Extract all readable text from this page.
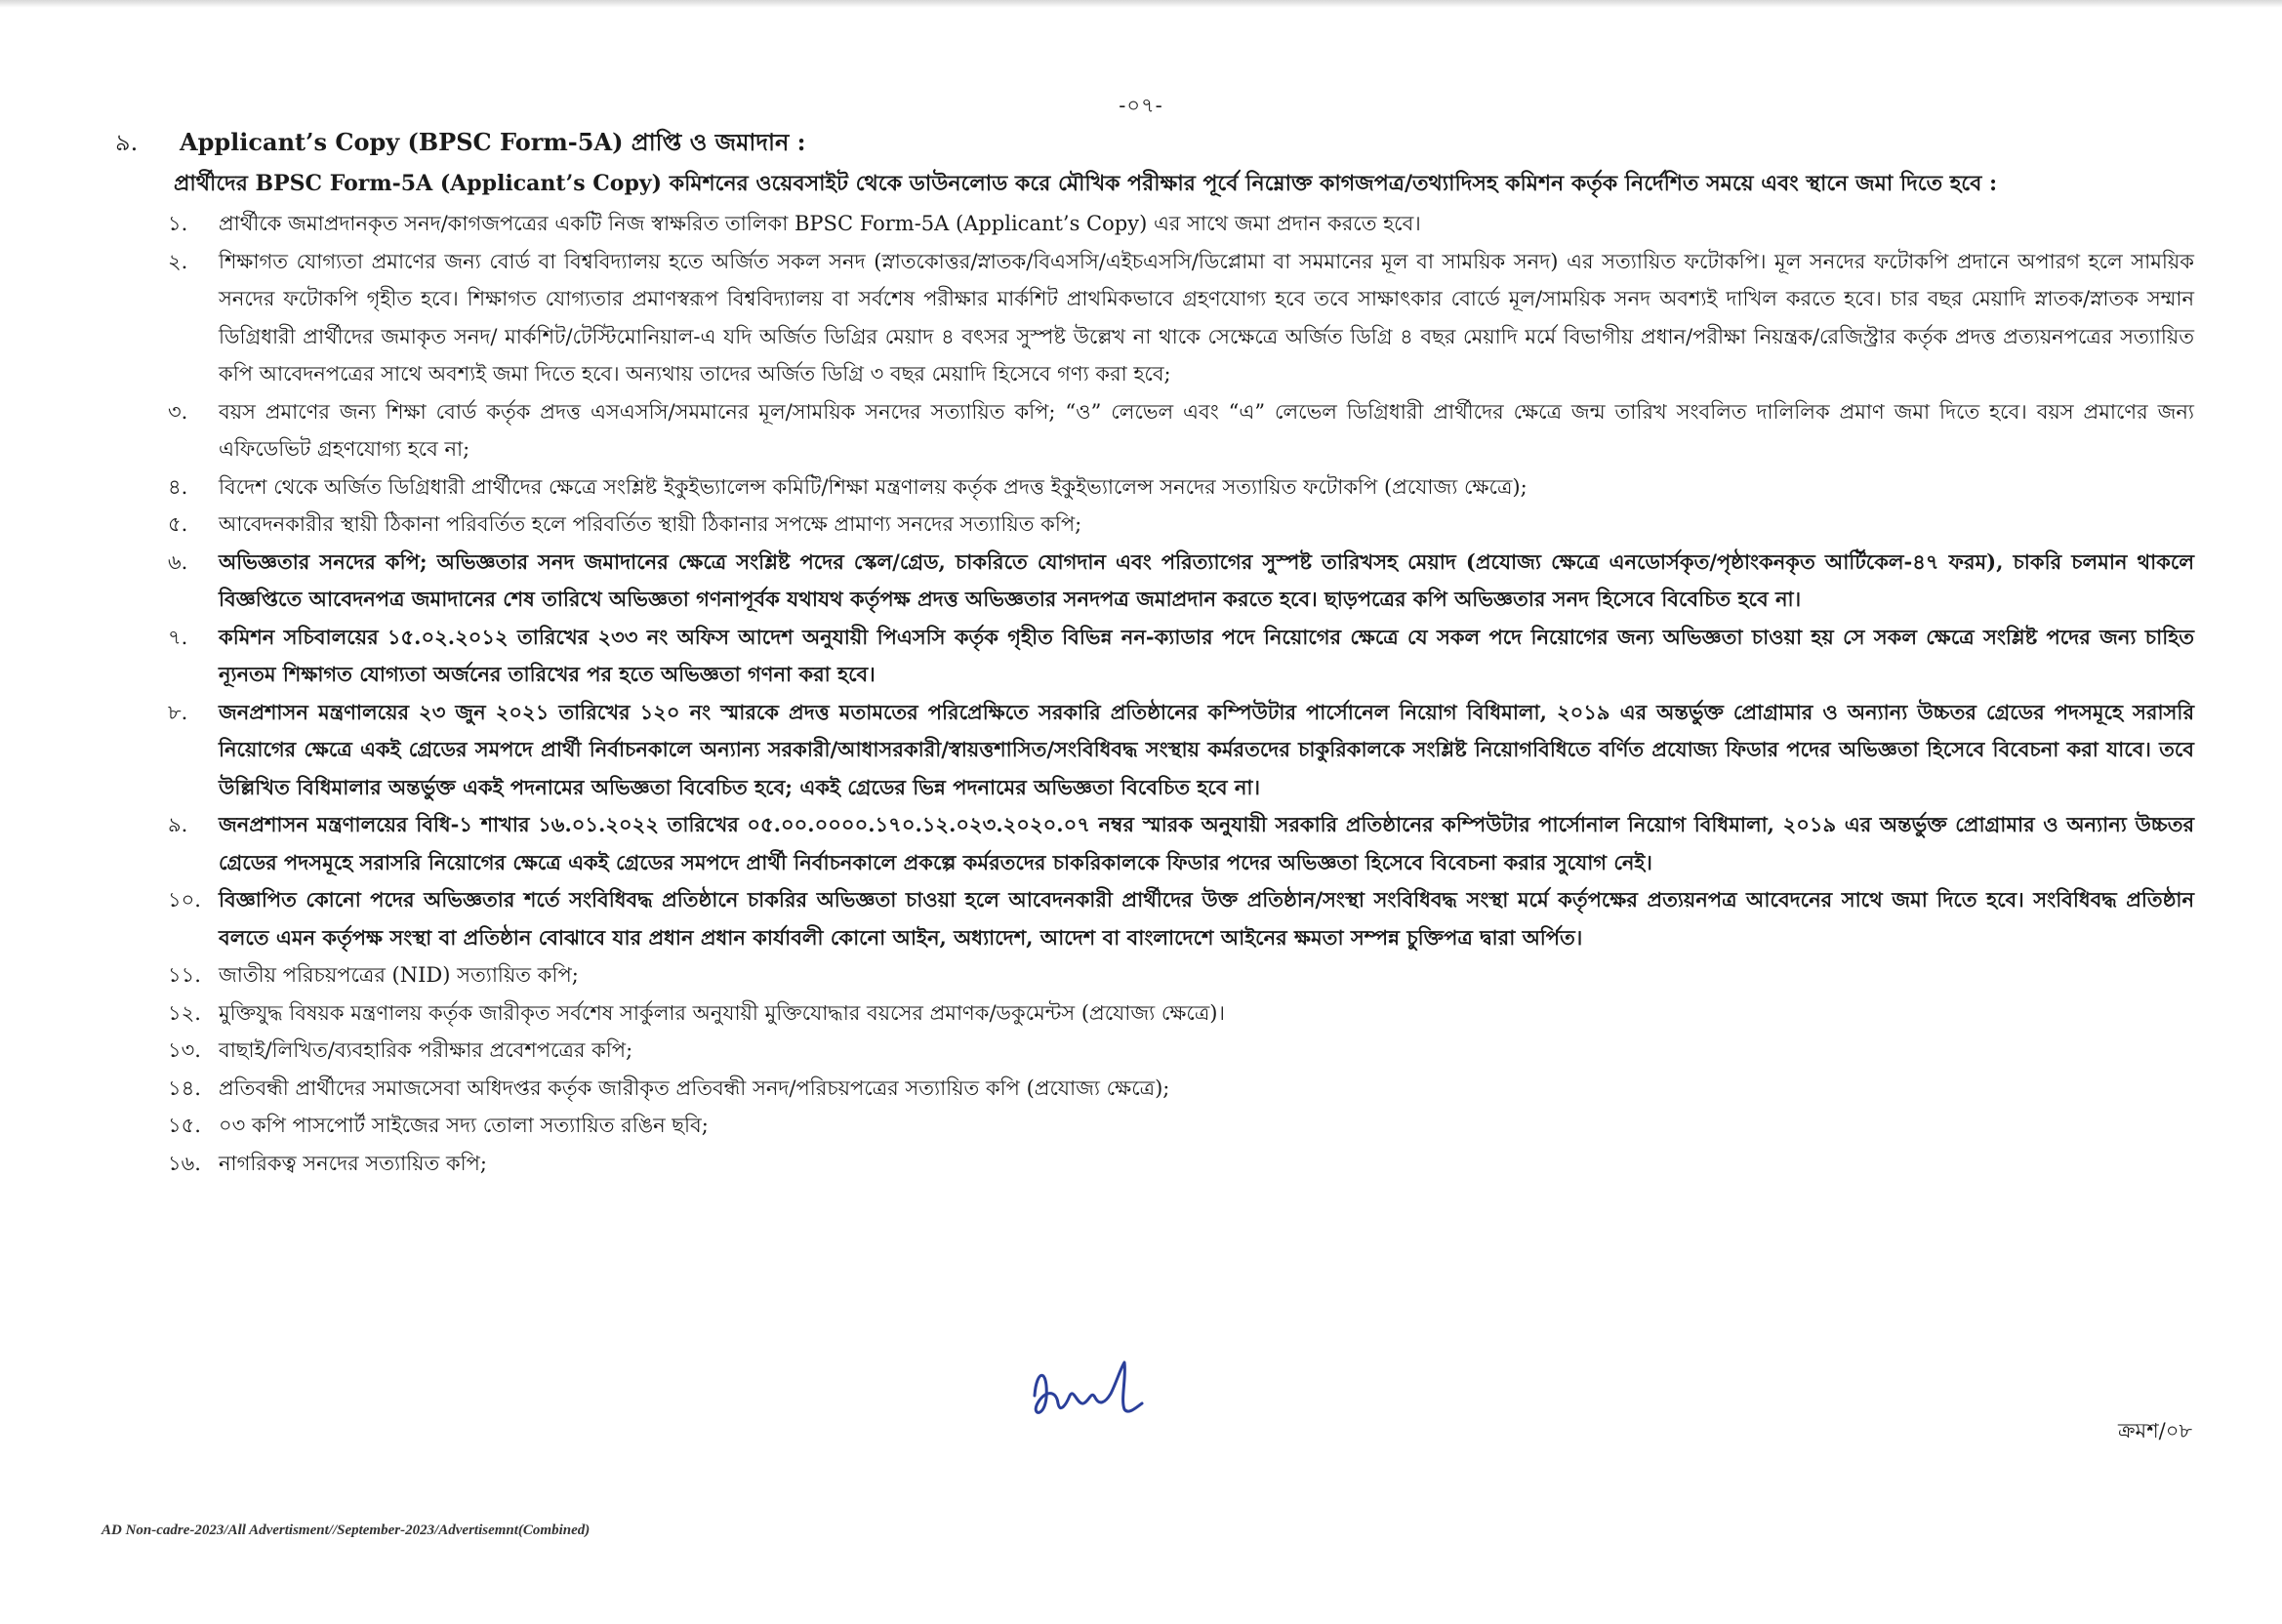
-০৭-
৯.	Applicant’s Copy (BPSC Form-5A) প্রাপ্তি ও জমাদান :
প্রার্থীদের BPSC Form-5A (Applicant’s Copy) কমিশনের ওয়েবসাইট থেকে ডাউনলোড করে মৌখিক পরীক্ষার পূর্বে নিম্নোক্ত কাগজপত্র/তথ্যাদিসহ কমিশন কর্তৃক নির্দেশিত সময়ে এবং স্থানে জমা দিতে হবে :
১.	প্রার্থীকে জমাপ্রদানকৃত সনদ/কাগজপত্রের একটি নিজ স্বাক্ষরিত তালিকা BPSC Form-5A (Applicant’s Copy) এর সাথে জমা প্রদান করতে হবে।
২.	শিক্ষাগত যোগ্যতা প্রমাণের জন্য বোর্ড বা বিশ্ববিদ্যালয় হতে অর্জিত সকল সনদ (স্নাতকোত্তর/স্নাতক/বিএসসি/এইচএসসি/ডিপ্লোমা বা সমমানের মূল বা সাময়িক সনদ) এর সত্যায়িত ফটোকপি। মূল সনদের ফটোকপি প্রদানে অপারগ হলে সাময়িক সনদের ফটোকপি গৃহীত হবে। শিক্ষাগত যোগ্যতার প্রমাণস্বরূপ বিশ্ববিদ্যালয় বা সর্বশেষ পরীক্ষার মার্কশিট প্রাথমিকভাবে গ্রহণযোগ্য হবে তবে সাক্ষাৎকার বোর্ডে মূল/সাময়িক সনদ অবশ্যই দাখিল করতে হবে। চার বছর মেয়াদি স্নাতক/স্নাতক সম্মান ডিগ্রিধারী প্রার্থীদের জমাকৃত সনদ/ মার্কশিট/টেস্টিমোনিয়াল-এ যদি অর্জিত ডিগ্রির মেয়াদ ৪ বৎসর সুস্পষ্ট উল্লেখ না থাকে সেক্ষেত্রে অর্জিত ডিগ্রি ৪ বছর মেয়াদি মর্মে বিভাগীয় প্রধান/পরীক্ষা নিয়ন্ত্রক/রেজিস্ট্রার কর্তৃক প্রদত্ত প্রত্যয়নপত্রের সত্যায়িত কপি আবেদনপত্রের সাথে অবশ্যই জমা দিতে হবে। অন্যথায় তাদের অর্জিত ডিগ্রি ৩ বছর মেয়াদি হিসেবে গণ্য করা হবে;
৩.	বয়স প্রমাণের জন্য শিক্ষা বোর্ড কর্তৃক প্রদত্ত এসএসসি/সমমানের মূল/সাময়িক সনদের সত্যায়িত কপি; “ও” লেভেল এবং “এ” লেভেল ডিগ্রিধারী প্রার্থীদের ক্ষেত্রে জন্ম তারিখ সংবলিত দালিলিক প্রমাণ জমা দিতে হবে। বয়স প্রমাণের জন্য এফিডেভিট গ্রহণযোগ্য হবে না;
৪.	বিদেশ থেকে অর্জিত ডিগ্রিধারী প্রার্থীদের ক্ষেত্রে সংশ্লিষ্ট ইকুইভ্যালেন্স কমিটি/শিক্ষা মন্ত্রণালয় কর্তৃক প্রদত্ত ইকুইভ্যালেন্স সনদের সত্যায়িত ফটোকপি (প্রযোজ্য ক্ষেত্রে);
৫.	আবেদনকারীর স্থায়ী ঠিকানা পরিবর্তিত হলে পরিবর্তিত স্থায়ী ঠিকানার সপক্ষে প্রামাণ্য সনদের সত্যায়িত কপি;
৬.	অভিজ্ঞতার সনদের কপি; অভিজ্ঞতার সনদ জমাদানের ক্ষেত্রে সংশ্লিষ্ট পদের স্কেল/গ্রেড, চাকরিতে যোগদান এবং পরিত্যাগের সুস্পষ্ট তারিখসহ মেয়াদ (প্রযোজ্য ক্ষেত্রে এনডোর্সকৃত/পৃষ্ঠাংকনকৃত আর্টিকেল-৪৭ ফরম), চাকরি চলমান থাকলে বিজ্ঞপ্তিতে আবেদনপত্র জমাদানের শেষ তারিখে অভিজ্ঞতা গণনাপূর্বক যথাযথ কর্তৃপক্ষ প্রদত্ত অভিজ্ঞতার সনদপত্র জমাপ্রদান করতে হবে। ছাড়পত্রের কপি অভিজ্ঞতার সনদ হিসেবে বিবেচিত হবে না।
৭.	কমিশন সচিবালয়ের ১৫.০২.২০১২ তারিখের ২৩৩ নং অফিস আদেশ অনুযায়ী পিএসসি কর্তৃক গৃহীত বিভিন্ন নন-ক্যাডার পদে নিয়োগের ক্ষেত্রে যে সকল পদে নিয়োগের জন্য অভিজ্ঞতা চাওয়া হয় সে সকল ক্ষেত্রে সংশ্লিষ্ট পদের জন্য চাহিত ন্যূনতম শিক্ষাগত যোগ্যতা অর্জনের তারিখের পর হতে অভিজ্ঞতা গণনা করা হবে।
৮.	জনপ্রশাসন মন্ত্রণালয়ের ২৩ জুন ২০২১ তারিখের ১২০ নং স্মারকে প্রদত্ত মতামতের পরিপ্রেক্ষিতে সরকারি প্রতিষ্ঠানের কম্পিউটার পার্সোনেল নিয়োগ বিধিমালা, ২০১৯ এর অন্তর্ভুক্ত প্রোগ্রামার ও অন্যান্য উচ্চতর গ্রেডের পদসমূহে সরাসরি নিয়োগের ক্ষেত্রে একই গ্রেডের সমপদে প্রার্থী নির্বাচনকালে অন্যান্য সরকারী/আধাসরকারী/স্বায়ত্তশাসিত/সংবিধিবদ্ধ সংস্থায় কর্মরতদের চাকুরিকালকে সংশ্লিষ্ট নিয়োগবিধিতে বর্ণিত প্রযোজ্য ফিডার পদের অভিজ্ঞতা হিসেবে বিবেচনা করা যাবে। তবে উল্লিখিত বিধিমালার অন্তর্ভুক্ত একই পদনামের অভিজ্ঞতা বিবেচিত হবে; একই গ্রেডের ভিন্ন পদনামের অভিজ্ঞতা বিবেচিত হবে না।
৯.	জনপ্রশাসন মন্ত্রণালয়ের বিধি-১ শাখার ১৬.০১.২০২২ তারিখের ০৫.০০.০০০০.১৭০.১২.০২৩.২০২০.০৭ নম্বর স্মারক অনুযায়ী সরকারি প্রতিষ্ঠানের কম্পিউটার পার্সোনাল নিয়োগ বিধিমালা, ২০১৯ এর অন্তর্ভুক্ত প্রোগ্রামার ও অন্যান্য উচ্চতর গ্রেডের পদসমূহে সরাসরি নিয়োগের ক্ষেত্রে একই গ্রেডের সমপদে প্রার্থী নির্বাচনকালে প্রকল্পে কর্মরতদের চাকরিকালকে ফিডার পদের অভিজ্ঞতা হিসেবে বিবেচনা করার সুযোগ নেই।
১০. বিজ্ঞাপিত কোনো পদের অভিজ্ঞতার শর্তে সংবিধিবদ্ধ প্রতিষ্ঠানে চাকরির অভিজ্ঞতা চাওয়া হলে আবেদনকারী প্রার্থীদের উক্ত প্রতিষ্ঠান/সংস্থা সংবিধিবদ্ধ সংস্থা মর্মে কর্তৃপক্ষের প্রত্যয়নপত্র আবেদনের সাথে জমা দিতে হবে। সংবিধিবদ্ধ প্রতিষ্ঠান বলতে এমন কর্তৃপক্ষ সংস্থা বা প্রতিষ্ঠান বোঝাবে যার প্রধান প্রধান কার্যাবলী কোনো আইন, অধ্যাদেশ, আদেশ বা বাংলাদেশে আইনের ক্ষমতা সম্পন্ন চুক্তিপত্র দ্বারা অর্পিত।
১১. জাতীয় পরিচয়পত্রের (NID) সত্যায়িত কপি;
১২. মুক্তিযুদ্ধ বিষয়ক মন্ত্রণালয় কর্তৃক জারীকৃত সর্বশেষ সার্কুলার অনুযায়ী মুক্তিযোদ্ধার বয়সের প্রমাণক/ডকুমেন্টস (প্রযোজ্য ক্ষেত্রে)।
১৩. বাছাই/লিখিত/ব্যবহারিক পরীক্ষার প্রবেশপত্রের কপি;
১৪. প্রতিবন্ধী প্রার্থীদের সমাজসেবা অধিদপ্তর কর্তৃক জারীকৃত প্রতিবন্ধী সনদ/পরিচয়পত্রের সত্যায়িত কপি (প্রযোজ্য ক্ষেত্রে);
১৫. ০৩ কপি পাসপোর্ট সাইজের সদ্য তোলা সত্যায়িত রঙিন ছবি;
১৬. নাগরিকত্ব সনদের সত্যায়িত কপি;
ক্রমশ/০৮
AD Non-cadre-2023/All Advertisment//September-2023/Advertisemnt(Combined)
